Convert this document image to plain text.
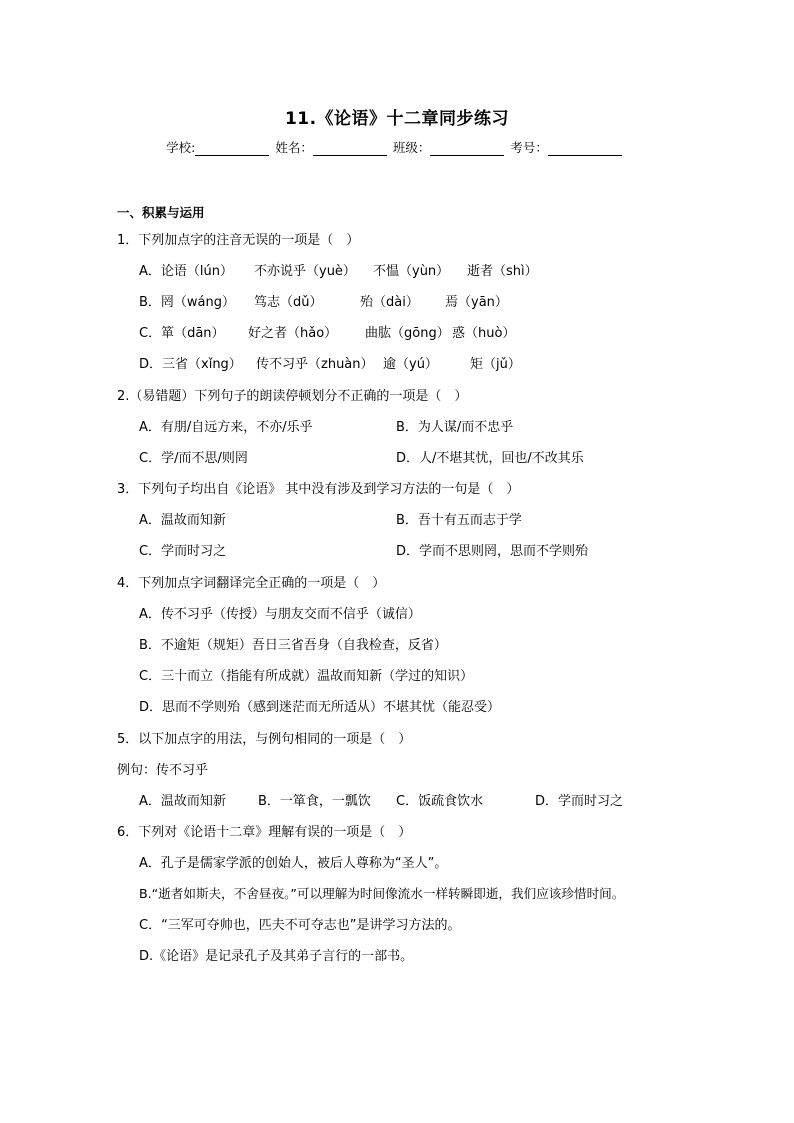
11.《论语》十二章同步练习
学校:	姓名：	班级：	考号：
一、积累与运用
1．下列加点字的注音无误的一项是（　）
A．论语（lún） 不亦说乎（yuè） 不愠（yùn） 逝者（shì）
B．罔（wáng） 笃志（dǔ）	殆（dài） 焉（yān）
C．箪（dān） 好之者（hǎo） 曲肱（gōng） 惑（huò）
D．三省（xǐng） 传不习乎（zhuàn） 逾（yú） 矩（jǔ）
2.（易错题）下列句子的朗读停顿划分不正确的一项是（　）
A．有朋/自远方来，不亦/乐乎	B．为人谋/而不忠乎
C．学/而不思/则罔	D．人/不堪其忧，回也/不改其乐
3．下列句子均出自《论语》 其中没有涉及到学习方法的一句是（　）
A．温故而知新	B．吾十有五而志于学
C．学而时习之	D．学而不思则罔，思而不学则殆
4．下列加点字词翻译完全正确的一项是（　）
A．传不习乎（传授）与朋友交而不信乎（诚信）
B．不逾矩（规矩）吾日三省吾身（自我检查，反省）
C．三十而立（指能有所成就）温故而知新（学过的知识）
D．思而不学则殆（感到迷茫而无所适从）不堪其忧（能忍受）
5．以下加点字的用法，与例句相同的一项是（　）
例句：传不习乎
A．温故而知新 B．一箪食，一瓢饮 C．饭疏食饮水	D．学而时习之
6．下列对《论语十二章》理解有误的一项是（　）
A．孔子是儒家学派的创始人，被后人尊称为“圣人”。
B.“逝者如斯夫，不舍昼夜。”可以理解为时间像流水一样转瞬即逝，我们应该珍惜时间。
C．“三军可夺帅也，匹夫不可夺志也”是讲学习方法的。
D.《论语》是记录孔子及其弟子言行的一部书。
